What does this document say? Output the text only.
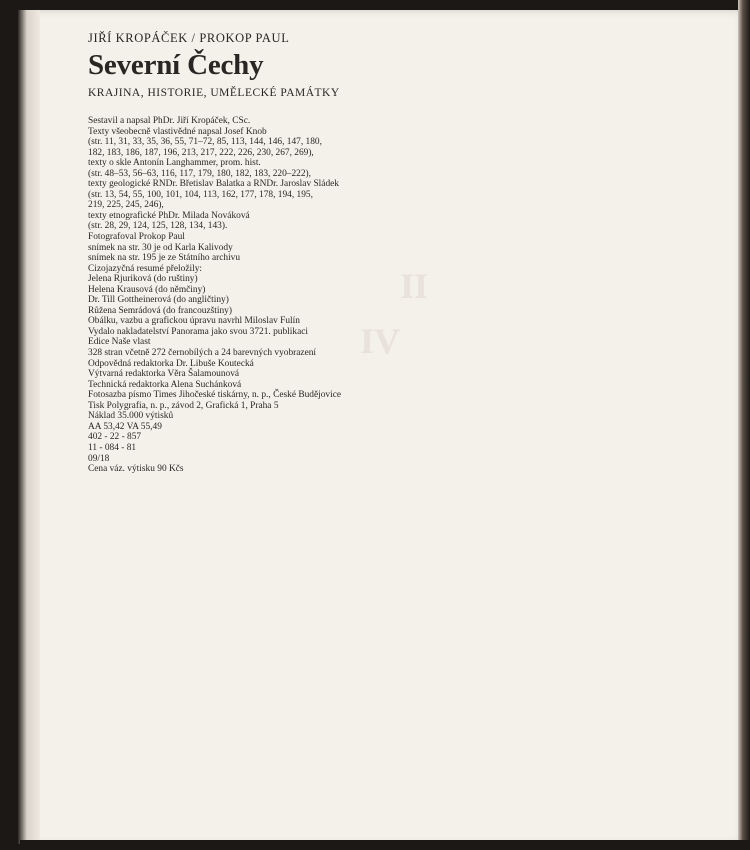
II
IV

JIŘÍ KROPÁČEK / PROKOP PAUL

Severní Čechy

KRAJINA, HISTORIE, UMĚLECKÉ PAMÁTKY

Sestavil a napsal PhDr. Jiří Kropáček, CSc.
Texty všeobecně vlastivědné napsal Josef Knob
(str. 11, 31, 33, 35, 36, 55, 71–72, 85, 113, 144, 146, 147, 180,
182, 183, 186, 187, 196, 213, 217, 222, 226, 230, 267, 269),
texty o skle Antonín Langhammer, prom. hist.
(str. 48–53, 56–63, 116, 117, 179, 180, 182, 183, 220–222),
texty geologické RNDr. Břetislav Balatka a RNDr. Jaroslav Sládek
(str. 13, 54, 55, 100, 101, 104, 113, 162, 177, 178, 194, 195,
219, 225, 245, 246),
texty etnografické PhDr. Milada Nováková
(str. 28, 29, 124, 125, 128, 134, 143).
Fotografoval Prokop Paul
snímek na str. 30 je od Karla Kalivody
snímek na str. 195 je ze Státního archivu
Cizojazyčná resumé přeložily:
Jelena Rjuriková (do ruštiny)
Helena Krausová (do němčiny)
Dr. Till Gottheinerová (do angličtiny)
Růžena Semrádová (do francouzštiny)
Obálku, vazbu a grafickou úpravu navrhl Miloslav Fulín
Vydalo nakladatelství Panorama jako svou 3721. publikaci
Edice Naše vlast
328 stran včetně 272 černobílých a 24 barevných vyobrazení
Odpovědná redaktorka Dr. Libuše Koutecká
Výtvarná redaktorka Věra Šalamounová
Technická redaktorka Alena Suchánková
Fotosazba písmo Times Jihočeské tiskárny, n. p., České Budějovice
Tisk Polygrafia, n. p., závod 2, Grafická 1, Praha 5
Náklad 35.000 výtisků
AA 53,42 VA 55,49
402 - 22 - 857
11 - 084 - 81
09/18
Cena váz. výtisku 90 Kčs
